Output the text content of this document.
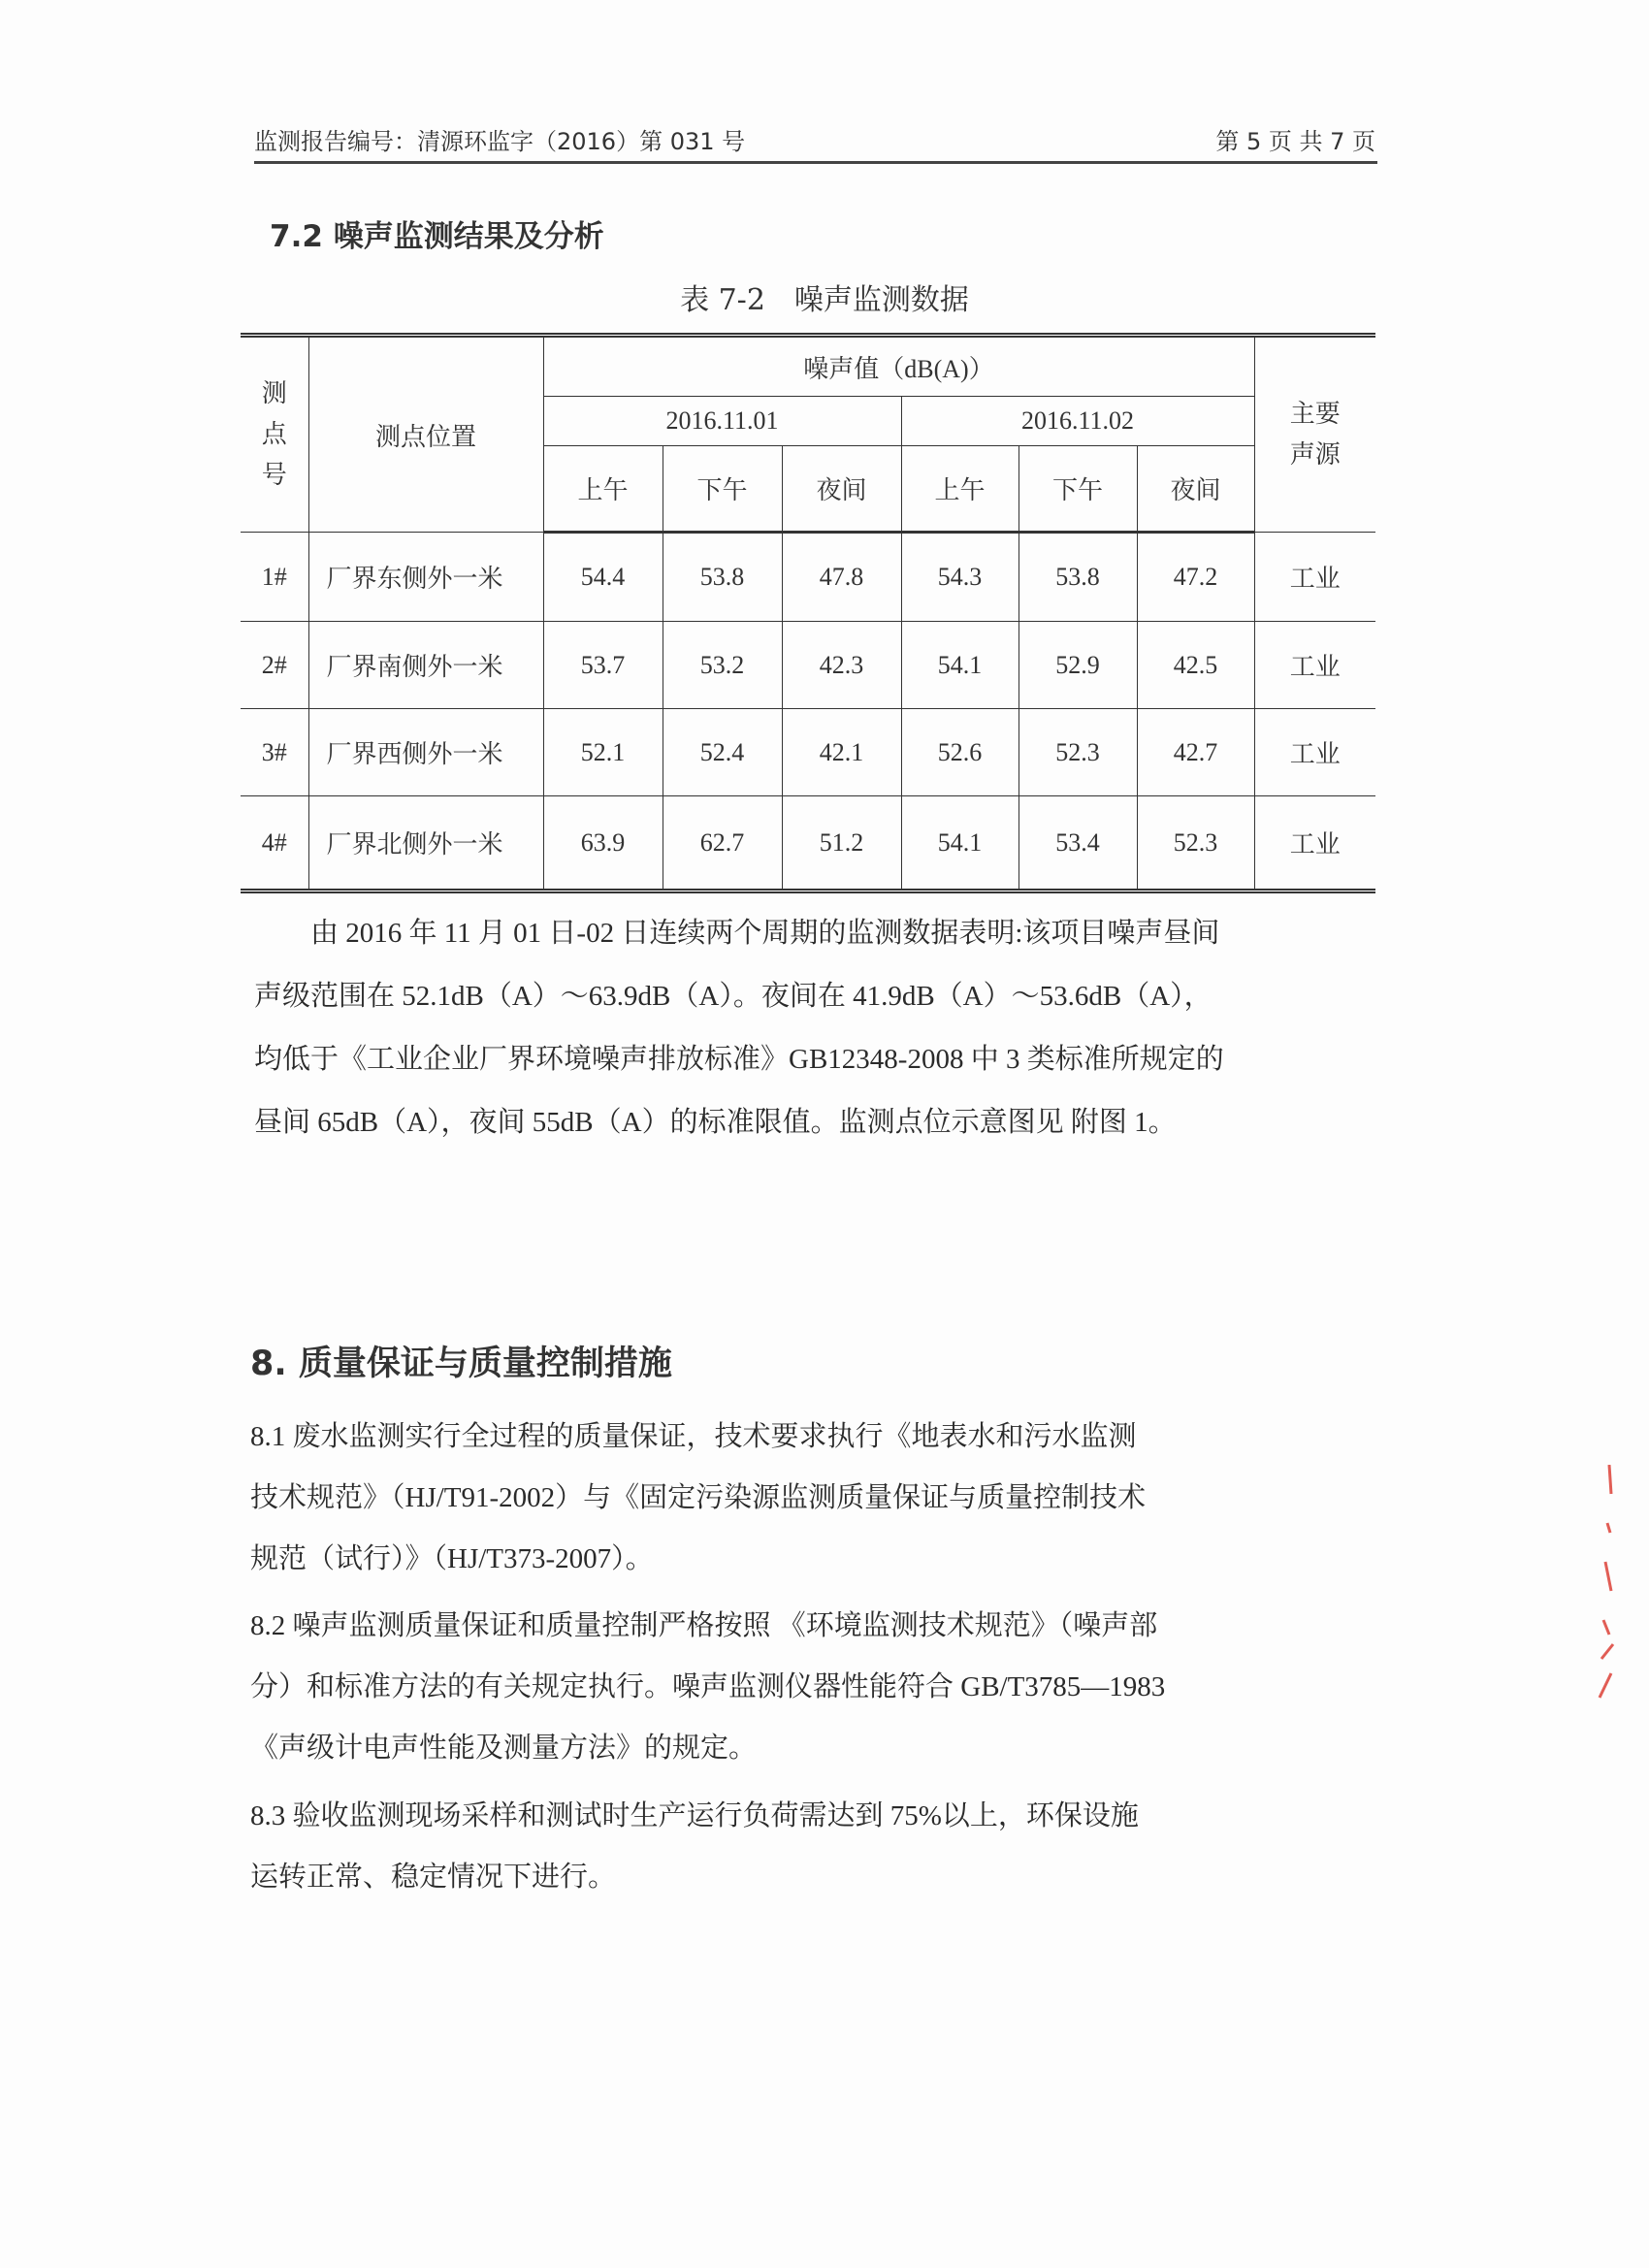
监测报告编号：清源环监字（2016）第 031 号	第 5 页 共 7 页
7.2 噪声监测结果及分析
表 7-2　噪声监测数据
测点号	测点位置	噪声值（dB(A)）						主要声源

		2016.11.01			2016.11.02			
		上午	下午	夜间	上午	下午	夜间	
1#	厂界东侧外一米	54.4	53.8	47.8	54.3	53.8	47.2	工业
2#	厂界南侧外一米	53.7	53.2	42.3	54.1	52.9	42.5	工业
3#	厂界西侧外一米	52.1	52.4	42.1	52.6	52.3	42.7	工业
4#	厂界北侧外一米	63.9	62.7	51.2	54.1	53.4	52.3	工业
　　由 2016 年 11 月 01 日-02 日连续两个周期的监测数据表明:该项目噪声昼间
声级范围在 52.1dB（A）～63.9dB（A）。夜间在 41.9dB（A）～53.6dB（A），
均低于《工业企业厂界环境噪声排放标准》GB12348-2008 中 3 类标准所规定的
昼间 65dB（A），夜间 55dB（A）的标准限值。监测点位示意图见 附图 1。
8. 质量保证与质量控制措施
8.1 废水监测实行全过程的质量保证，技术要求执行《地表水和污水监测
技术规范》（HJ/T91-2002）与《固定污染源监测质量保证与质量控制技术
规范（试行）》（HJ/T373-2007）。
8.2 噪声监测质量保证和质量控制严格按照 《环境监测技术规范》（噪声部
分）和标准方法的有关规定执行。噪声监测仪器性能符合 GB/T3785—1983
《声级计电声性能及测量方法》的规定。
8.3 验收监测现场采样和测试时生产运行负荷需达到 75%以上，环保设施
运转正常、稳定情况下进行。
